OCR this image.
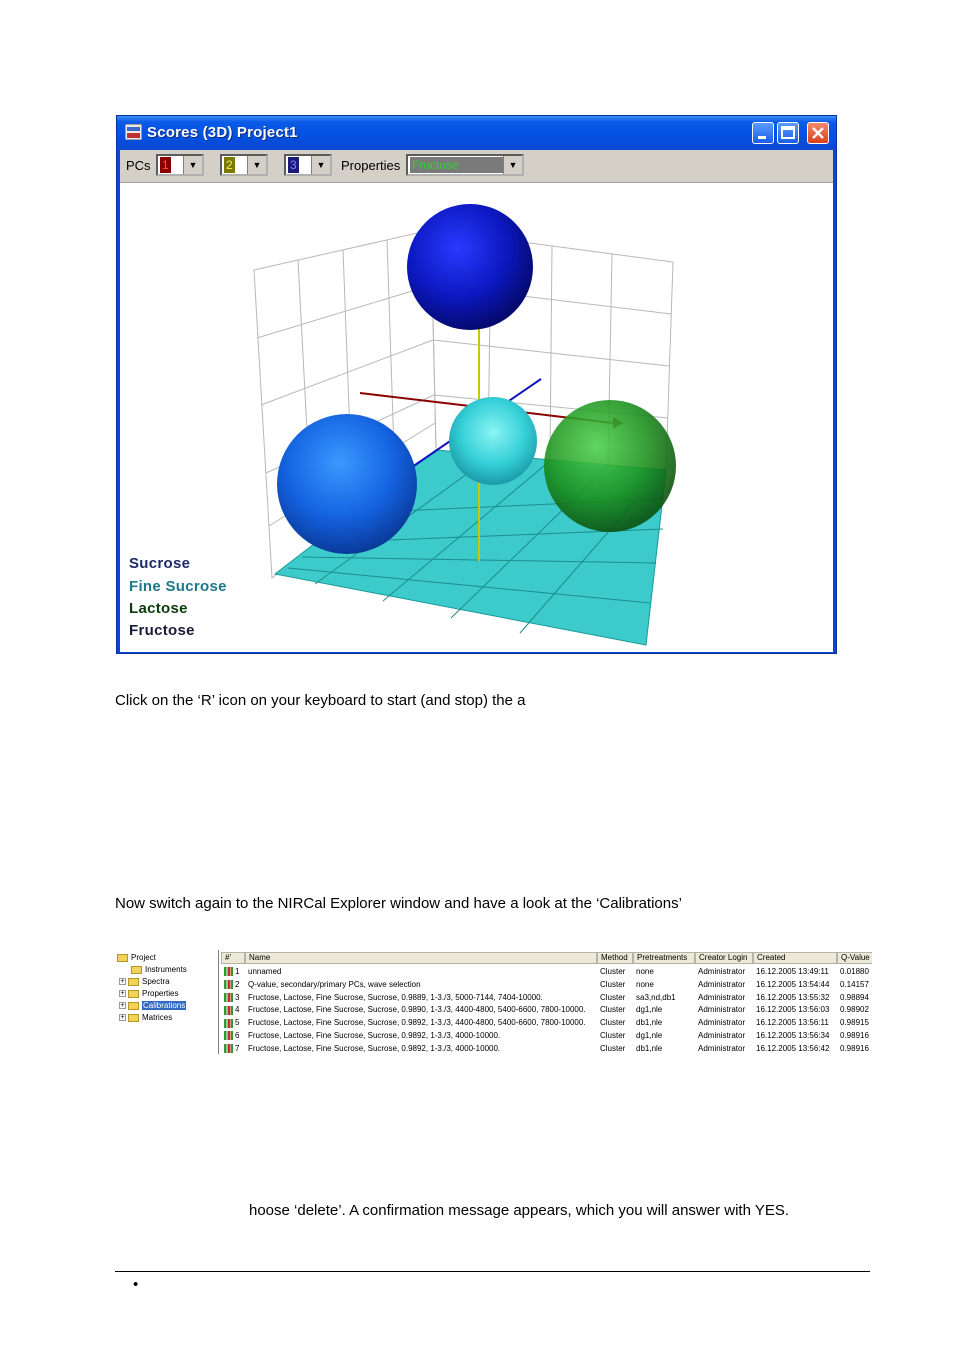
Scores (3D) Project1
PCs 1	▼	2	▼	3	▼	Properties Fructose	▼
Sucrose
Fine Sucrose
Lactose
Fructose
Click on the ‘R’ icon on your keyboard to start (and stop) the a
Now switch again to the NIRCal Explorer window and have a look at the ‘Calibrations’
hoose ‘delete’. A confirmation message appears, which you will answer with YES.
Project
Instruments
+ Spectra
+ Properties
+ Calibrations
+ Matrices
#'	Name	Method	Pretreatments	Creator Login	Created	Q-Value
1	unnamed	Cluster	none	Administrator	16.12.2005 13:49:11	0.01880
2	Q-value, secondary/primary PCs, wave selection	Cluster	none	Administrator	16.12.2005 13:54:44	0.14157
3	Fructose, Lactose, Fine Sucrose, Sucrose, 0.9889, 1-3./3, 5000-7144, 7404-10000.	Cluster	sa3,nd,db1	Administrator	16.12.2005 13:55:32	0.98894
4	Fructose, Lactose, Fine Sucrose, Sucrose, 0.9890, 1-3./3, 4400-4800, 5400-6600, 7800-10000.	Cluster	dg1,nle	Administrator	16.12.2005 13:56:03	0.98902
5	Fructose, Lactose, Fine Sucrose, Sucrose, 0.9892, 1-3./3, 4400-4800, 5400-6600, 7800-10000.	Cluster	db1,nle	Administrator	16.12.2005 13:56:11	0.98915
6	Fructose, Lactose, Fine Sucrose, Sucrose, 0.9892, 1-3./3, 4000-10000.	Cluster	dg1,nle	Administrator	16.12.2005 13:56:34	0.98916
7	Fructose, Lactose, Fine Sucrose, Sucrose, 0.9892, 1-3./3, 4000-10000.	Cluster	db1,nle	Administrator	16.12.2005 13:56:42	0.98916
•
